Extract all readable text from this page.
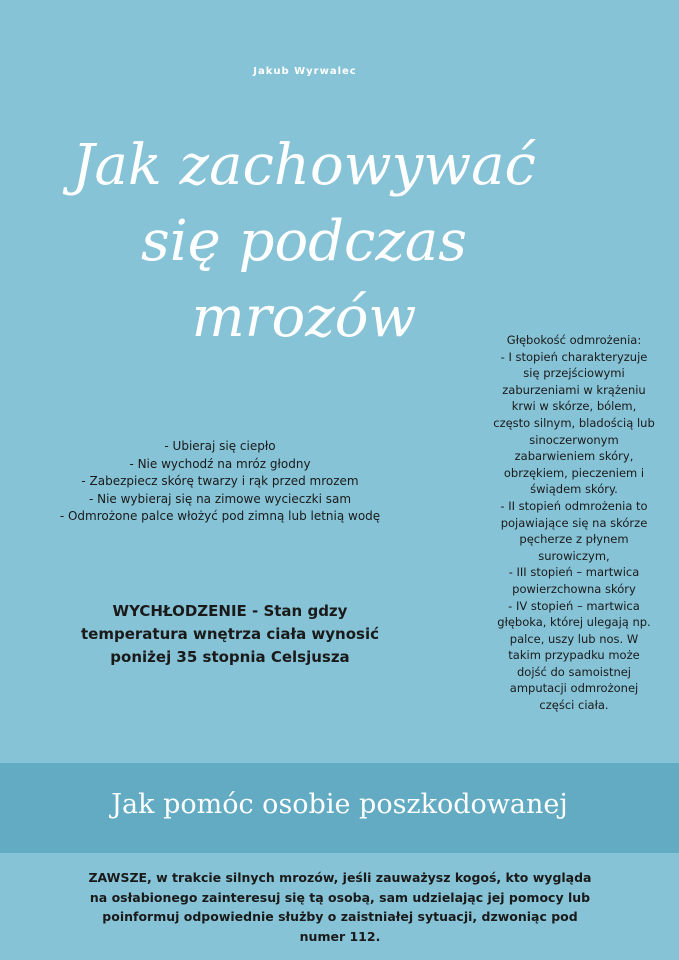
Jakub Wyrwalec
Jak zachowywać
się podczas
mrozów
- Ubieraj się ciepło
- Nie wychodź na mróz głodny
- Zabezpiecz skórę twarzy i rąk przed mrozem
- Nie wybieraj się na zimowe wycieczki sam
- Odmrożone palce włożyć pod zimną lub letnią wodę
WYCHŁODZENIE - Stan gdzy
temperatura wnętrza ciała wynosić
poniżej 35 stopnia Celsjusza
Głębokość odmrożenia:
- I stopień charakteryzuje
się przejściowymi
zaburzeniami w krążeniu
krwi w skórze, bólem,
często silnym, bladością lub
sinoczerwonym
zabarwieniem skóry,
obrzękiem, pieczeniem i
świądem skóry.
- II stopień odmrożenia to
pojawiające się na skórze
pęcherze z płynem
surowiczym,
- III stopień – martwica
powierzchowna skóry
- IV stopień – martwica
głęboka, której ulegają np.
palce, uszy lub nos. W
takim przypadku może
dojść do samoistnej
amputacji odmrożonej
części ciała.
Jak pomóc osobie poszkodowanej
ZAWSZE, w trakcie silnych mrozów, jeśli zauważysz kogoś, kto wygląda
na osłabionego zainteresuj się tą osobą, sam udzielając jej pomocy lub
poinformuj odpowiednie służby o zaistniałej sytuacji, dzwoniąc pod
numer 112.
